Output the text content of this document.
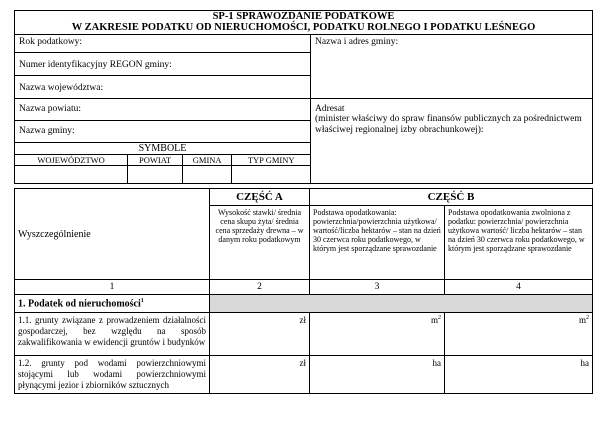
SP-1 SPRAWOZDANIE PODATKOWE
W ZAKRESIE PODATKU OD NIERUCHOMOŚCI, PODATKU ROLNEGO I PODATKU LEŚNEGO
Rok podatkowy:	Nazwa i adres gminy:
Numer identyfikacyjny REGON gminy:
Nazwa województwa:
Nazwa powiatu:	Adresat
(minister właściwy do spraw finansów publicznych za pośrednictwem właściwej regionalnej izby obrachunkowej):

Nazwa gminy:

SYMBOLE
WOJEWÓDZTWO	POWIAT	GMINA	TYP GMINY

Wyszczególnienie	CZĘŚĆ A	CZĘŚĆ B	
	Wysokość stawki/ średnia cena skupu żyta/ średnia cena sprzedaży drewna – w danym roku podatkowym	Podstawa opodatkowania: powierzchnia/powierzchnia użytkowa/ wartość/liczba hektarów – stan na dzień 30 czerwca roku podatkowego, w którym jest sporządzane sprawozdanie	Podstawa opodatkowania zwolniona z podatku: powierzchnia/ powierzchnia użytkowa wartość/ liczba hektarów – stan na dzień 30 czerwca roku podatkowego, w którym jest sporządzane sprawozdanie
1	2	3	4
1. Podatek od nieruchomości$^1$	
1.1. grunty związane z prowadzeniem działalności gospodarczej, bez względu na sposób zakwalifikowania w ewidencji gruntów i budynków	zł	$m^2$	$m^2$
1.2. grunty pod wodami powierzchniowymi stojącymi lub wodami powierzchniowymi płynącymi jezior i zbiorników sztucznych	zł	ha	ha
